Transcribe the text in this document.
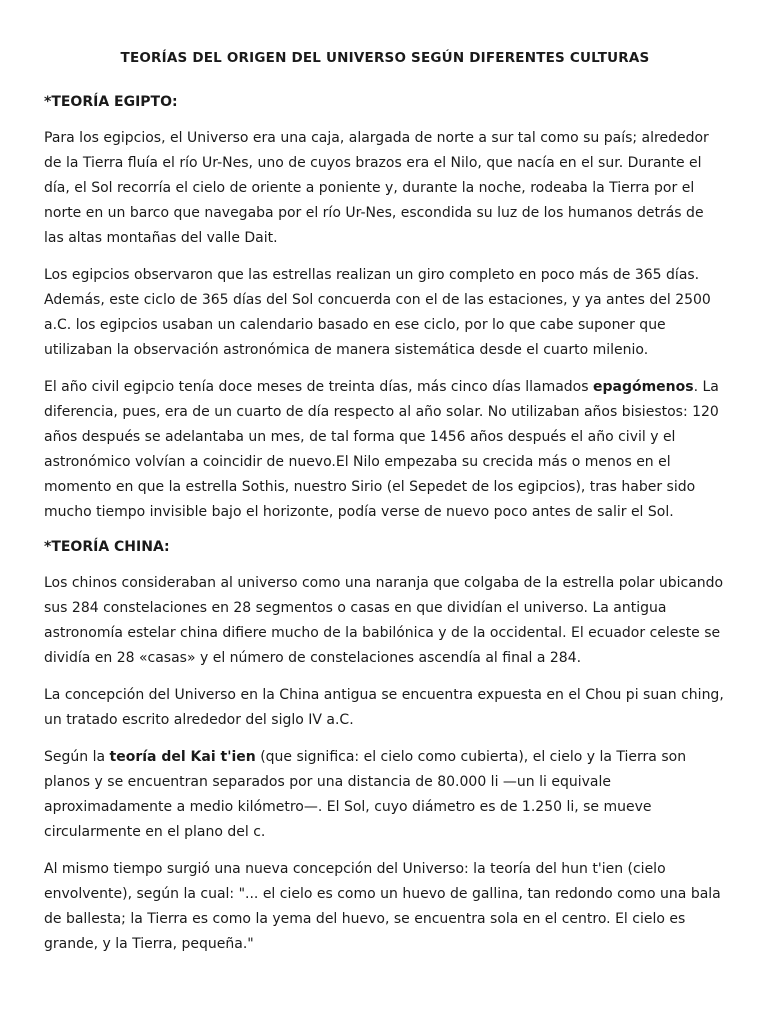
TEORÍAS DEL ORIGEN DEL UNIVERSO SEGÚN DIFERENTES CULTURAS
*TEORÍA EGIPTO:

Para los egipcios, el Universo era una caja, alargada de norte a sur tal como su país; alrededor de la Tierra fluía el río Ur-Nes, uno de cuyos brazos era el Nilo, que nacía en el sur. Durante el día, el Sol recorría el cielo de oriente a poniente y, durante la noche, rodeaba la Tierra por el norte en un barco que navegaba por el río Ur-Nes, escondida su luz de los humanos detrás de las altas montañas del valle Dait.

Los egipcios observaron que las estrellas realizan un giro completo en poco más de 365 días. Además, este ciclo de 365 días del Sol concuerda con el de las estaciones, y ya antes del 2500 a.C. los egipcios usaban un calendario basado en ese ciclo, por lo que cabe suponer que utilizaban la observación astronómica de manera sistemática desde el cuarto milenio.

El año civil egipcio tenía doce meses de treinta días, más cinco días llamados epagómenos. La diferencia, pues, era de un cuarto de día respecto al año solar. No utilizaban años bisiestos: 120 años después se adelantaba un mes, de tal forma que 1456 años después el año civil y el astronómico volvían a coincidir de nuevo.El Nilo empezaba su crecida más o menos en el momento en que la estrella Sothis, nuestro Sirio (el Sepedet de los egipcios), tras haber sido mucho tiempo invisible bajo el horizonte, podía verse de nuevo poco antes de salir el Sol.

*TEORÍA CHINA:

Los chinos consideraban al universo como una naranja que colgaba de la estrella polar ubicando sus 284 constelaciones en 28 segmentos o casas en que dividían el universo. La antigua astronomía estelar china difiere mucho de la babilónica y de la occidental. El ecuador celeste se dividía en 28 «casas» y el número de constelaciones ascendía al final a 284.

La concepción del Universo en la China antigua se encuentra expuesta en el Chou pi suan ching, un tratado escrito alrededor del siglo IV a.C.

Según la teoría del Kai t'ien (que significa: el cielo como cubierta), el cielo y la Tierra son planos y se encuentran separados por una distancia de 80.000 li —un li equivale aproximadamente a medio kilómetro—. El Sol, cuyo diámetro es de 1.250 li, se mueve circularmente en el plano del c.

Al mismo tiempo surgió una nueva concepción del Universo: la teoría del hun t'ien (cielo envolvente), según la cual: "... el cielo es como un huevo de gallina, tan redondo como una bala de ballesta; la Tierra es como la yema del huevo, se encuentra sola en el centro. El cielo es grande, y la Tierra, pequeña."
